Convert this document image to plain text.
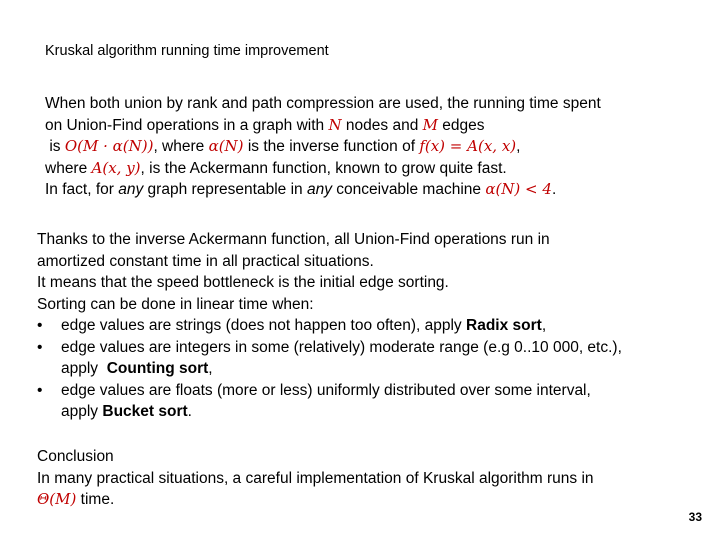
Kruskal algorithm running time improvement
When both union by rank and path compression are used, the running time spent
on Union-Find operations in a graph with N nodes and M edges
is O(M · α(N)), where α(N) is the inverse function of f(x) = A(x, x),
where A(x, y), is the Ackermann function, known to grow quite fast.
In fact, for any graph representable in any conceivable machine α(N) < 4.
Thanks to the inverse Ackermann function, all Union-Find operations run in
amortized constant time in all practical situations.
It means that the speed bottleneck is the initial edge sorting.
Sorting can be done in linear time when:
• edge values are strings (does not happen too often), apply Radix sort,
• edge values are integers in some (relatively) moderate range (e.g 0..10 000, etc.),
apply  Counting sort,
• edge values are floats (more or less) uniformly distributed over some interval,
apply Bucket sort.
Conclusion
In many practical situations, a careful implementation of Kruskal algorithm runs in
Θ(M) time.
33
